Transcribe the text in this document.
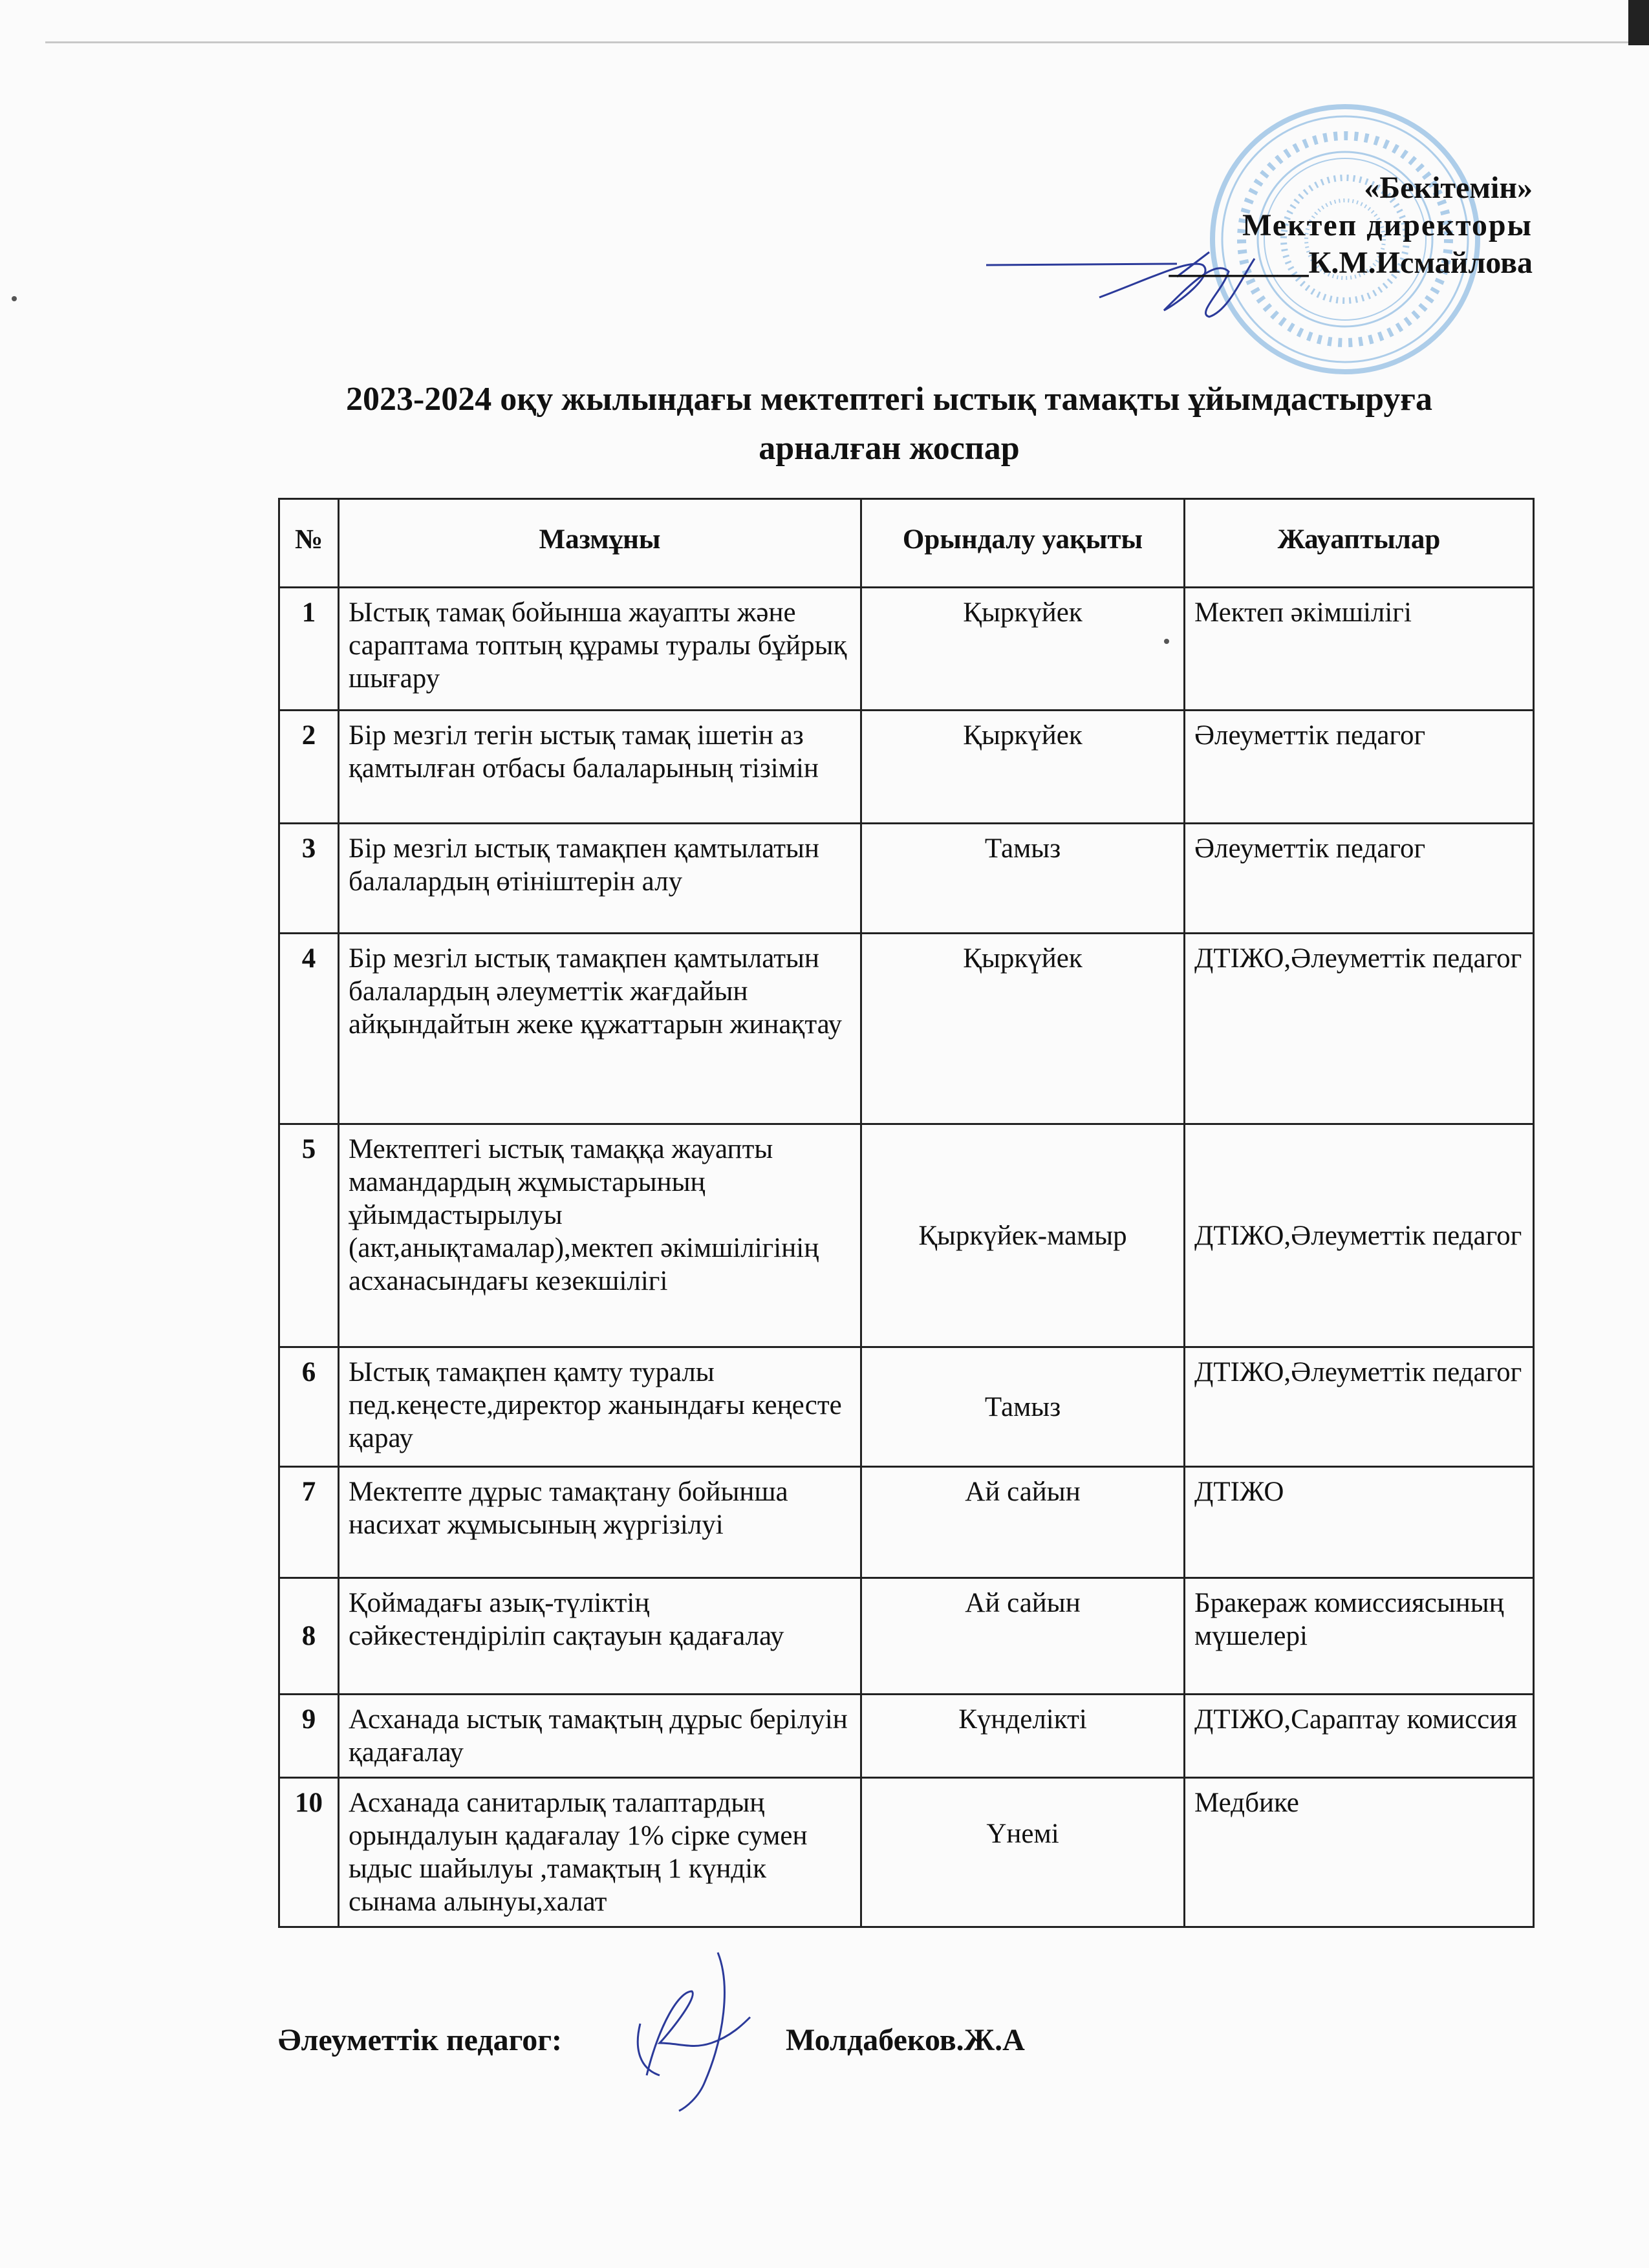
«Бекітемін»
Мектеп директоры
_________К.М.Исмайлова
2023-2024 оқу жылындағы мектептегі ыстық тамақты ұйымдастыруға
арналған жоспар
№	Мазмұны	Орындалу уақыты	Жауаптылар
1	Ыстық тамақ бойынша жауапты және сараптама топтың құрамы туралы бұйрық шығару	Қыркүйек	Мектеп әкімшілігі
2	Бір мезгіл тегін ыстық тамақ ішетін аз қамтылған отбасы балаларының тізімін	Қыркүйек	Әлеуметтік педагог
3	Бір мезгіл ыстық тамақпен қамтылатын балалардың өтініштерін алу	Тамыз	Әлеуметтік педагог
4	Бір мезгіл ыстық тамақпен қамтылатын балалардың әлеуметтік жағдайын айқындайтын жеке құжаттарын жинақтау	Қыркүйек	ДТІЖО,Әлеуметтік педагог
5	Мектептегі ыстық тамаққа жауапты мамандардың жұмыстарының ұйымдастырылуы (акт,анықтамалар),мектеп әкімшілігінің асханасындағы кезекшілігі	Қыркүйек-мамыр	ДТІЖО,Әлеуметтік педагог
6	Ыстық тамақпен қамту туралы пед.кеңесте,директор жанындағы кеңесте қарау	Тамыз	ДТІЖО,Әлеуметтік педагог
7	Мектепте дұрыс тамақтану бойынша насихат жұмысының жүргізілуі	Ай сайын	ДТІЖО
8	Қоймадағы азық-түліктің сәйкестендіріліп сақтауын қадағалау	Ай сайын	Бракераж комиссиясының мүшелері
9	Асханада ыстық тамақтың дұрыс берілуін қадағалау	Күнделікті	ДТІЖО,Сараптау комиссия
10	Асханада санитарлық талаптардың орындалуын қадағалау 1% сірке сумен ыдыс шайылуы ,тамақтың 1 күндік сынама алынуы,халат	Үнемі	Медбике
Әлеуметтік педагог:	Молдабеков.Ж.А
